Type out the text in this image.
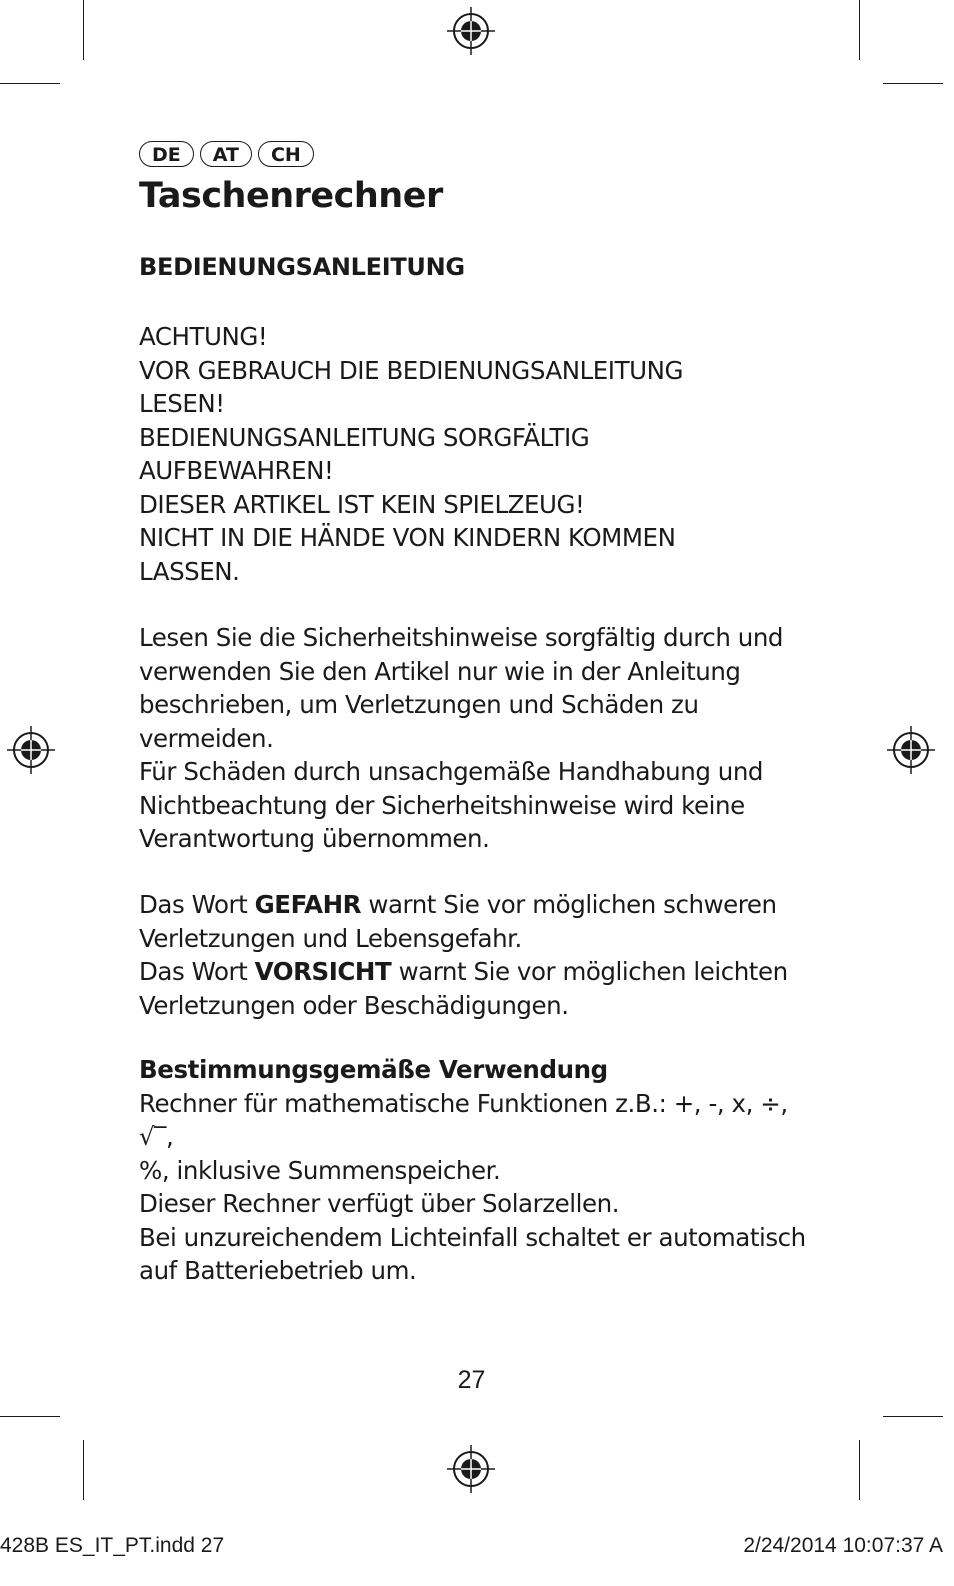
DE	AT	CH
Taschenrechner
BEDIENUNGSANLEITUNG
ACHTUNG!
VOR GEBRAUCH DIE BEDIENUNGSANLEITUNG
LESEN!
BEDIENUNGSANLEITUNG SORGFÄLTIG
AUFBEWAHREN!
DIESER ARTIKEL IST KEIN SPIELZEUG!
NICHT IN DIE HÄNDE VON KINDERN KOMMEN
LASSEN.
Lesen Sie die Sicherheitshinweise sorgfältig durch und verwenden Sie den Artikel nur wie in der Anleitung beschrieben, um Verletzungen und Schäden zu vermeiden.
Für Schäden durch unsachgemäße Handhabung und Nichtbeachtung der Sicherheitshinweise wird keine Verantwortung übernommen.
Das Wort GEFAHR warnt Sie vor möglichen schweren Verletzungen und Lebensgefahr.
Das Wort VORSICHT warnt Sie vor möglichen leichten Verletzungen oder Beschädigungen.
Bestimmungsgemäße Verwendung
Rechner für mathematische Funktionen z.B.: +, -, x, ÷, √‾,
%, inklusive Summenspeicher.
Dieser Rechner verfügt über Solarzellen.
Bei unzureichendem Lichteinfall schaltet er automatisch auf Batteriebetrieb um.
27
428B ES_IT_PT.indd 27	2/24/2014 10:07:37 A
